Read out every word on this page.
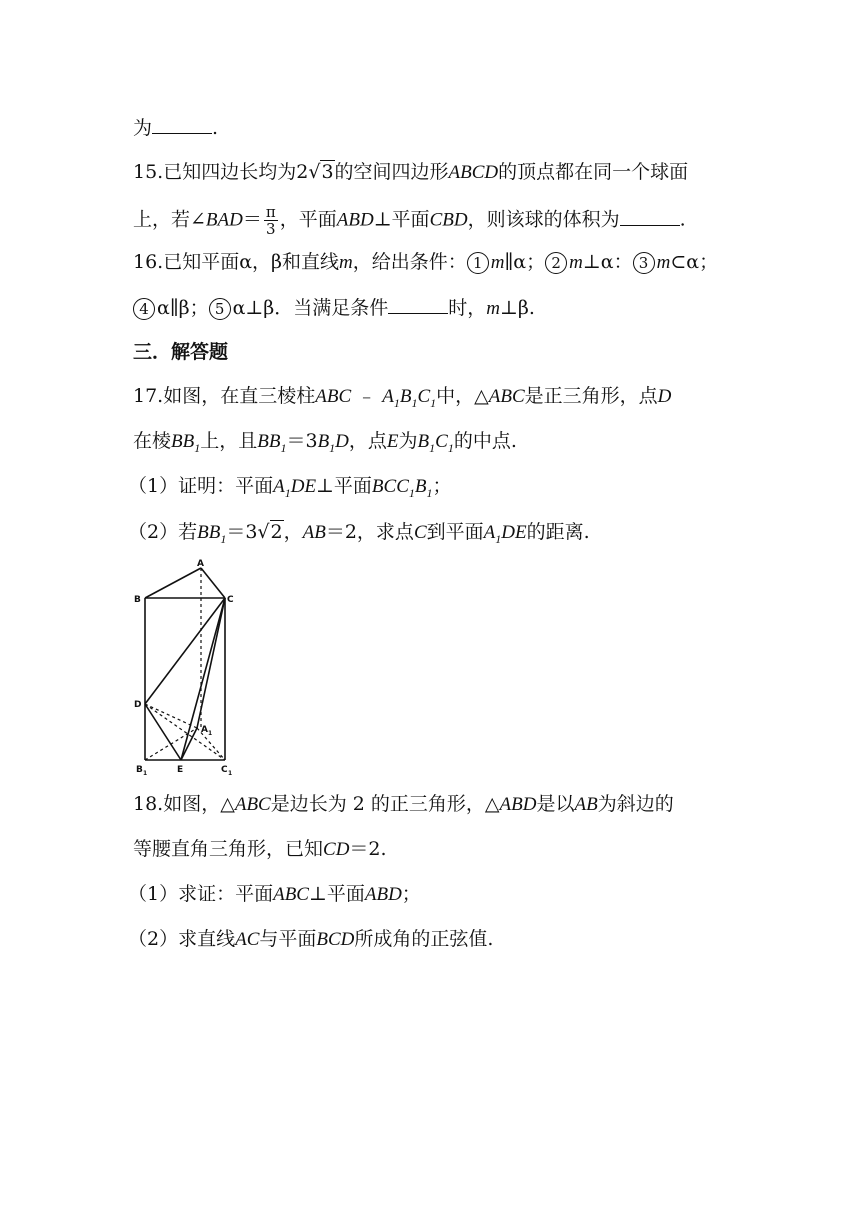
为	.
15.已知四边长均为2√3的空间四边形ABCD的顶点都在同一个球面
上，若∠BAD＝ $\frac{\pi}{3}$ ，平面ABD⊥平面CBD，则该球的体积为	.
16.已知平面α，β和直线m，给出条件： 1 m∥α； 2 m⊥α： 3 m⊂α；
4 α∥β； 5 α⊥β．当满足条件	时，m⊥β.
三．解答题
17.如图，在直三棱柱ABC ﹣ $A_1B_1C_1$中，△ABC是正三角形，点D
在棱$BB_1$上，且$BB_1=3B_1D$，点E为$B_1C_1$的中点.
（1）证明：平面$A_1DE\perp$平面$BCC_1B_1$；
（2）若$BB_1=3√2$，AB＝2，求点C到平面$A_1DE$的距离.
A
B	C
D
E
A 1
B 1	C 1
18.如图，△ABC是边长为 2 的正三角形，△ABD是以AB为斜边的
等腰直角三角形，已知CD＝2.
（1）求证：平面ABC⊥平面ABD；
（2）求直线AC与平面BCD所成角的正弦值.
